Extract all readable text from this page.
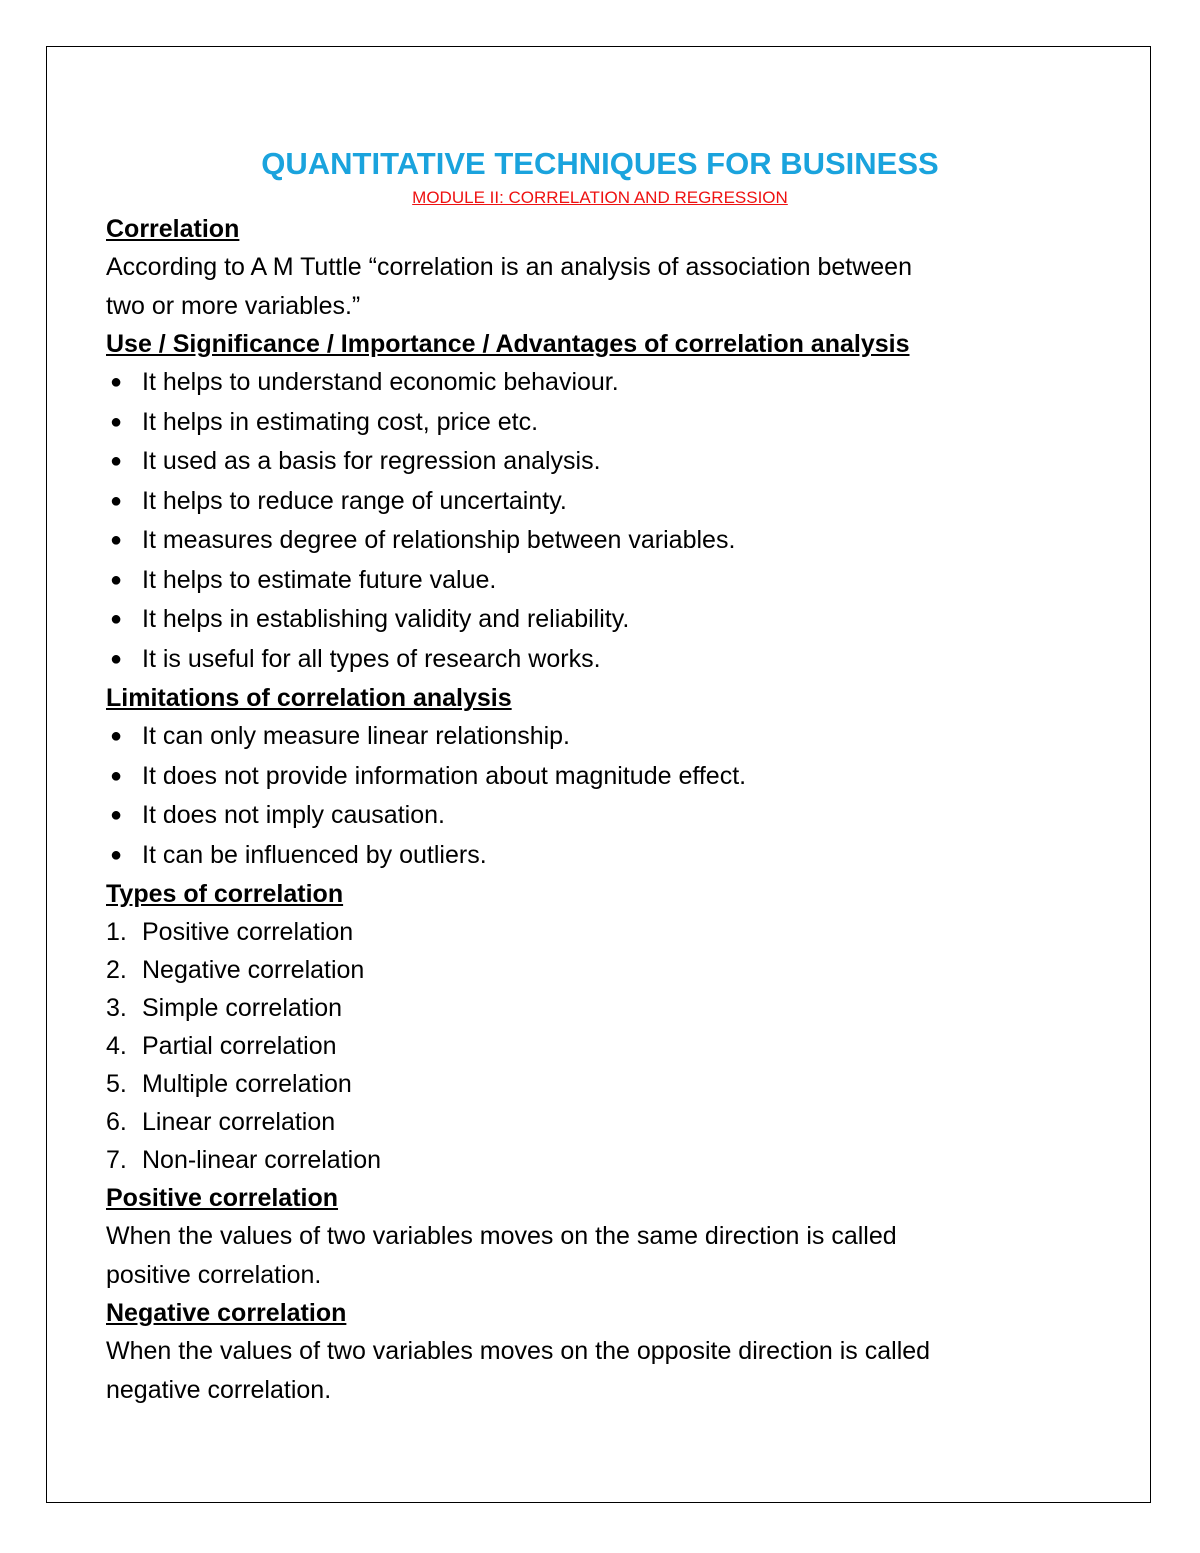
QUANTITATIVE TECHNIQUES FOR BUSINESS
MODULE II: CORRELATION AND REGRESSION
Correlation
According to A M Tuttle “correlation is an analysis of association between
two or more variables.”
Use / Significance / Importance / Advantages of correlation analysis
● It helps to understand economic behaviour.
● It helps in estimating cost, price etc.
● It used as a basis for regression analysis.
● It helps to reduce range of uncertainty.
● It measures degree of relationship between variables.
● It helps to estimate future value.
● It helps in establishing validity and reliability.
● It is useful for all types of research works.
Limitations of correlation analysis
● It can only measure linear relationship.
● It does not provide information about magnitude effect.
● It does not imply causation.
● It can be influenced by outliers.
Types of correlation
1. Positive correlation
2. Negative correlation
3. Simple correlation
4. Partial correlation
5. Multiple correlation
6. Linear correlation
7. Non-linear correlation
Positive correlation
When the values of two variables moves on the same direction is called
positive correlation.
Negative correlation
When the values of two variables moves on the opposite direction is called
negative correlation.
